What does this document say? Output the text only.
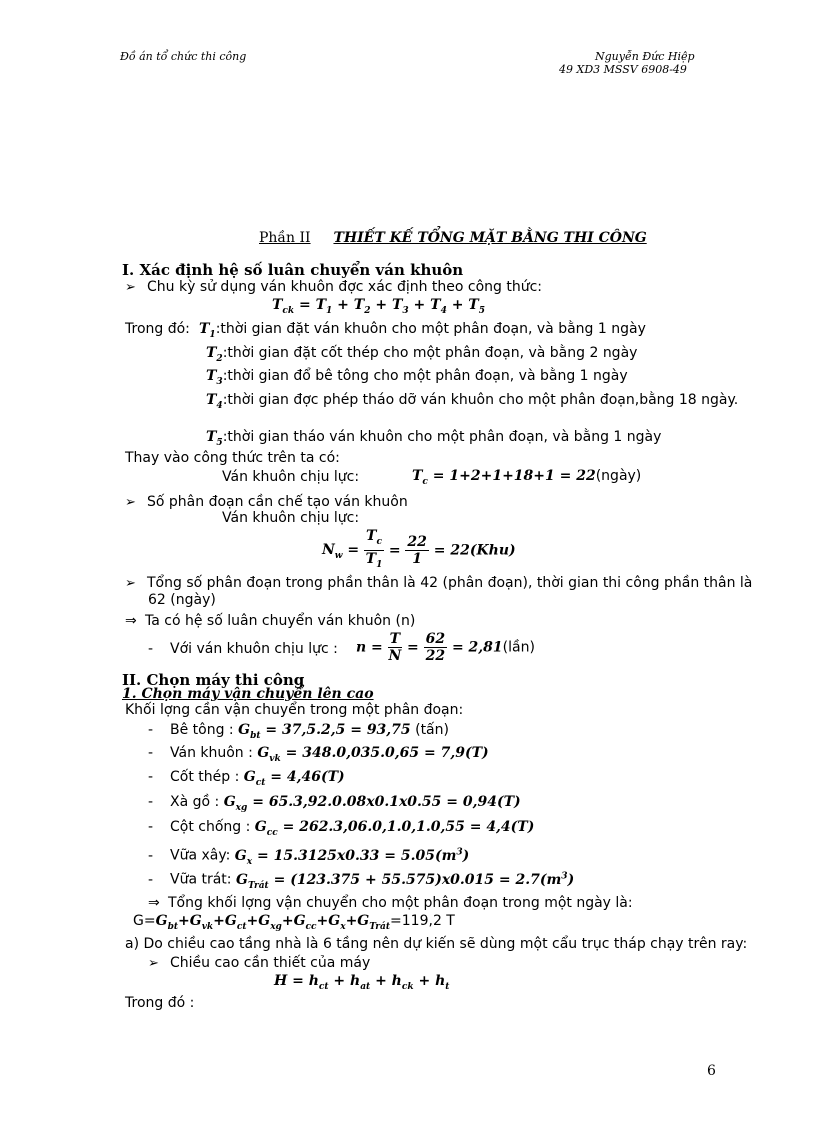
Đồ án tổ chức thi công	Nguyễn Đức Hiệp
49 XD3 MSSV 6908-49
Phần II THIẾT KẾ TỔNG MẶT BẰNG THI CÔNG
I. Xác định hệ số luân chuyển ván khuôn
➢ Chu kỳ sử dụng ván khuôn đợc xác định theo công thức:
$T_{ck} = T_1 + T_2 + T_3 + T_4 + T_5$
Trong đó: $T_1:thời$ gian đặt ván khuôn cho một phân đoạn, và bằng 1 ngày
$T_2:thời$ gian đặt cốt thép cho một phân đoạn, và bằng 2 ngày
$T_3:thời$ gian đổ bê tông cho một phân đoạn, và bằng 1 ngày
$T_4:thời$ gian đợc phép tháo dỡ ván khuôn cho một phân đoạn,bằng 18 ngày.
$T_5:thời$ gian tháo ván khuôn cho một phân đoạn, và bằng 1 ngày
Thay vào công thức trên ta có:
Ván khuôn chịu lực:	$T_c = 1+2+1+18+1$ = 22(ngày)
➢ Số phân đoạn cần chế tạo ván khuôn
Ván khuôn chịu lực:
$N_w = \frac{T_c}{T_1} = \frac{22}{1} = 22(Khu)$
➢ Tổng số phân đoạn trong phần thân là 42 (phân đoạn), thời gian thi công phần thân là
62 (ngày)
⇒ Ta có hệ số luân chuyển ván khuôn (n)
- Với ván khuôn chịu lực : $n = \frac{T}{N} = \frac{62}{22}$ = 2,81(lần)
II. Chọn máy thi công
1. Chọn máy vận chuyển lên cao
Khối lợng cần vận chuyển trong một phân đoạn:
- Bê tông : $G_{bt} = 37,5.2,5 = 93,75$ (tấn)
- Ván khuôn : $G_{vk} = 348.0,035.0,65 = 7,9(T)$
- Cốt thép : $G_{ct} = 4,46(T)$
- Xà gồ : $G_{xg} = 65.3,92.0.08x0.1x0.55 = 0,94(T)$
- Cột chống : $G_{cc} = 262.3,06.0,1.0,1.0,55 = 4,4(T)$
- Vữa xây: $G_x = 15.3125x0.33 = 5.05(m^3)$
- Vữa trát: $G_{Trát} = (123.375 + 55.575)x0.015 = 2.7(m^3)$
⇒ Tổng khối lợng vận chuyển cho một phân đoạn trong một ngày là:
$G=G_{bt}+G_{vk}+G_{ct}+G_{xg}+G_{cc}+G_x+G_{Trát}=119,2$ T
a) Do chiều cao tầng nhà là 6 tầng nên dự kiến sẽ dùng một cẩu trục tháp chạy trên ray:
➢ Chiều cao cần thiết của máy
$H = h_{ct} + h_{at} + h_{ck} + h_t$
Trong đó :
6
